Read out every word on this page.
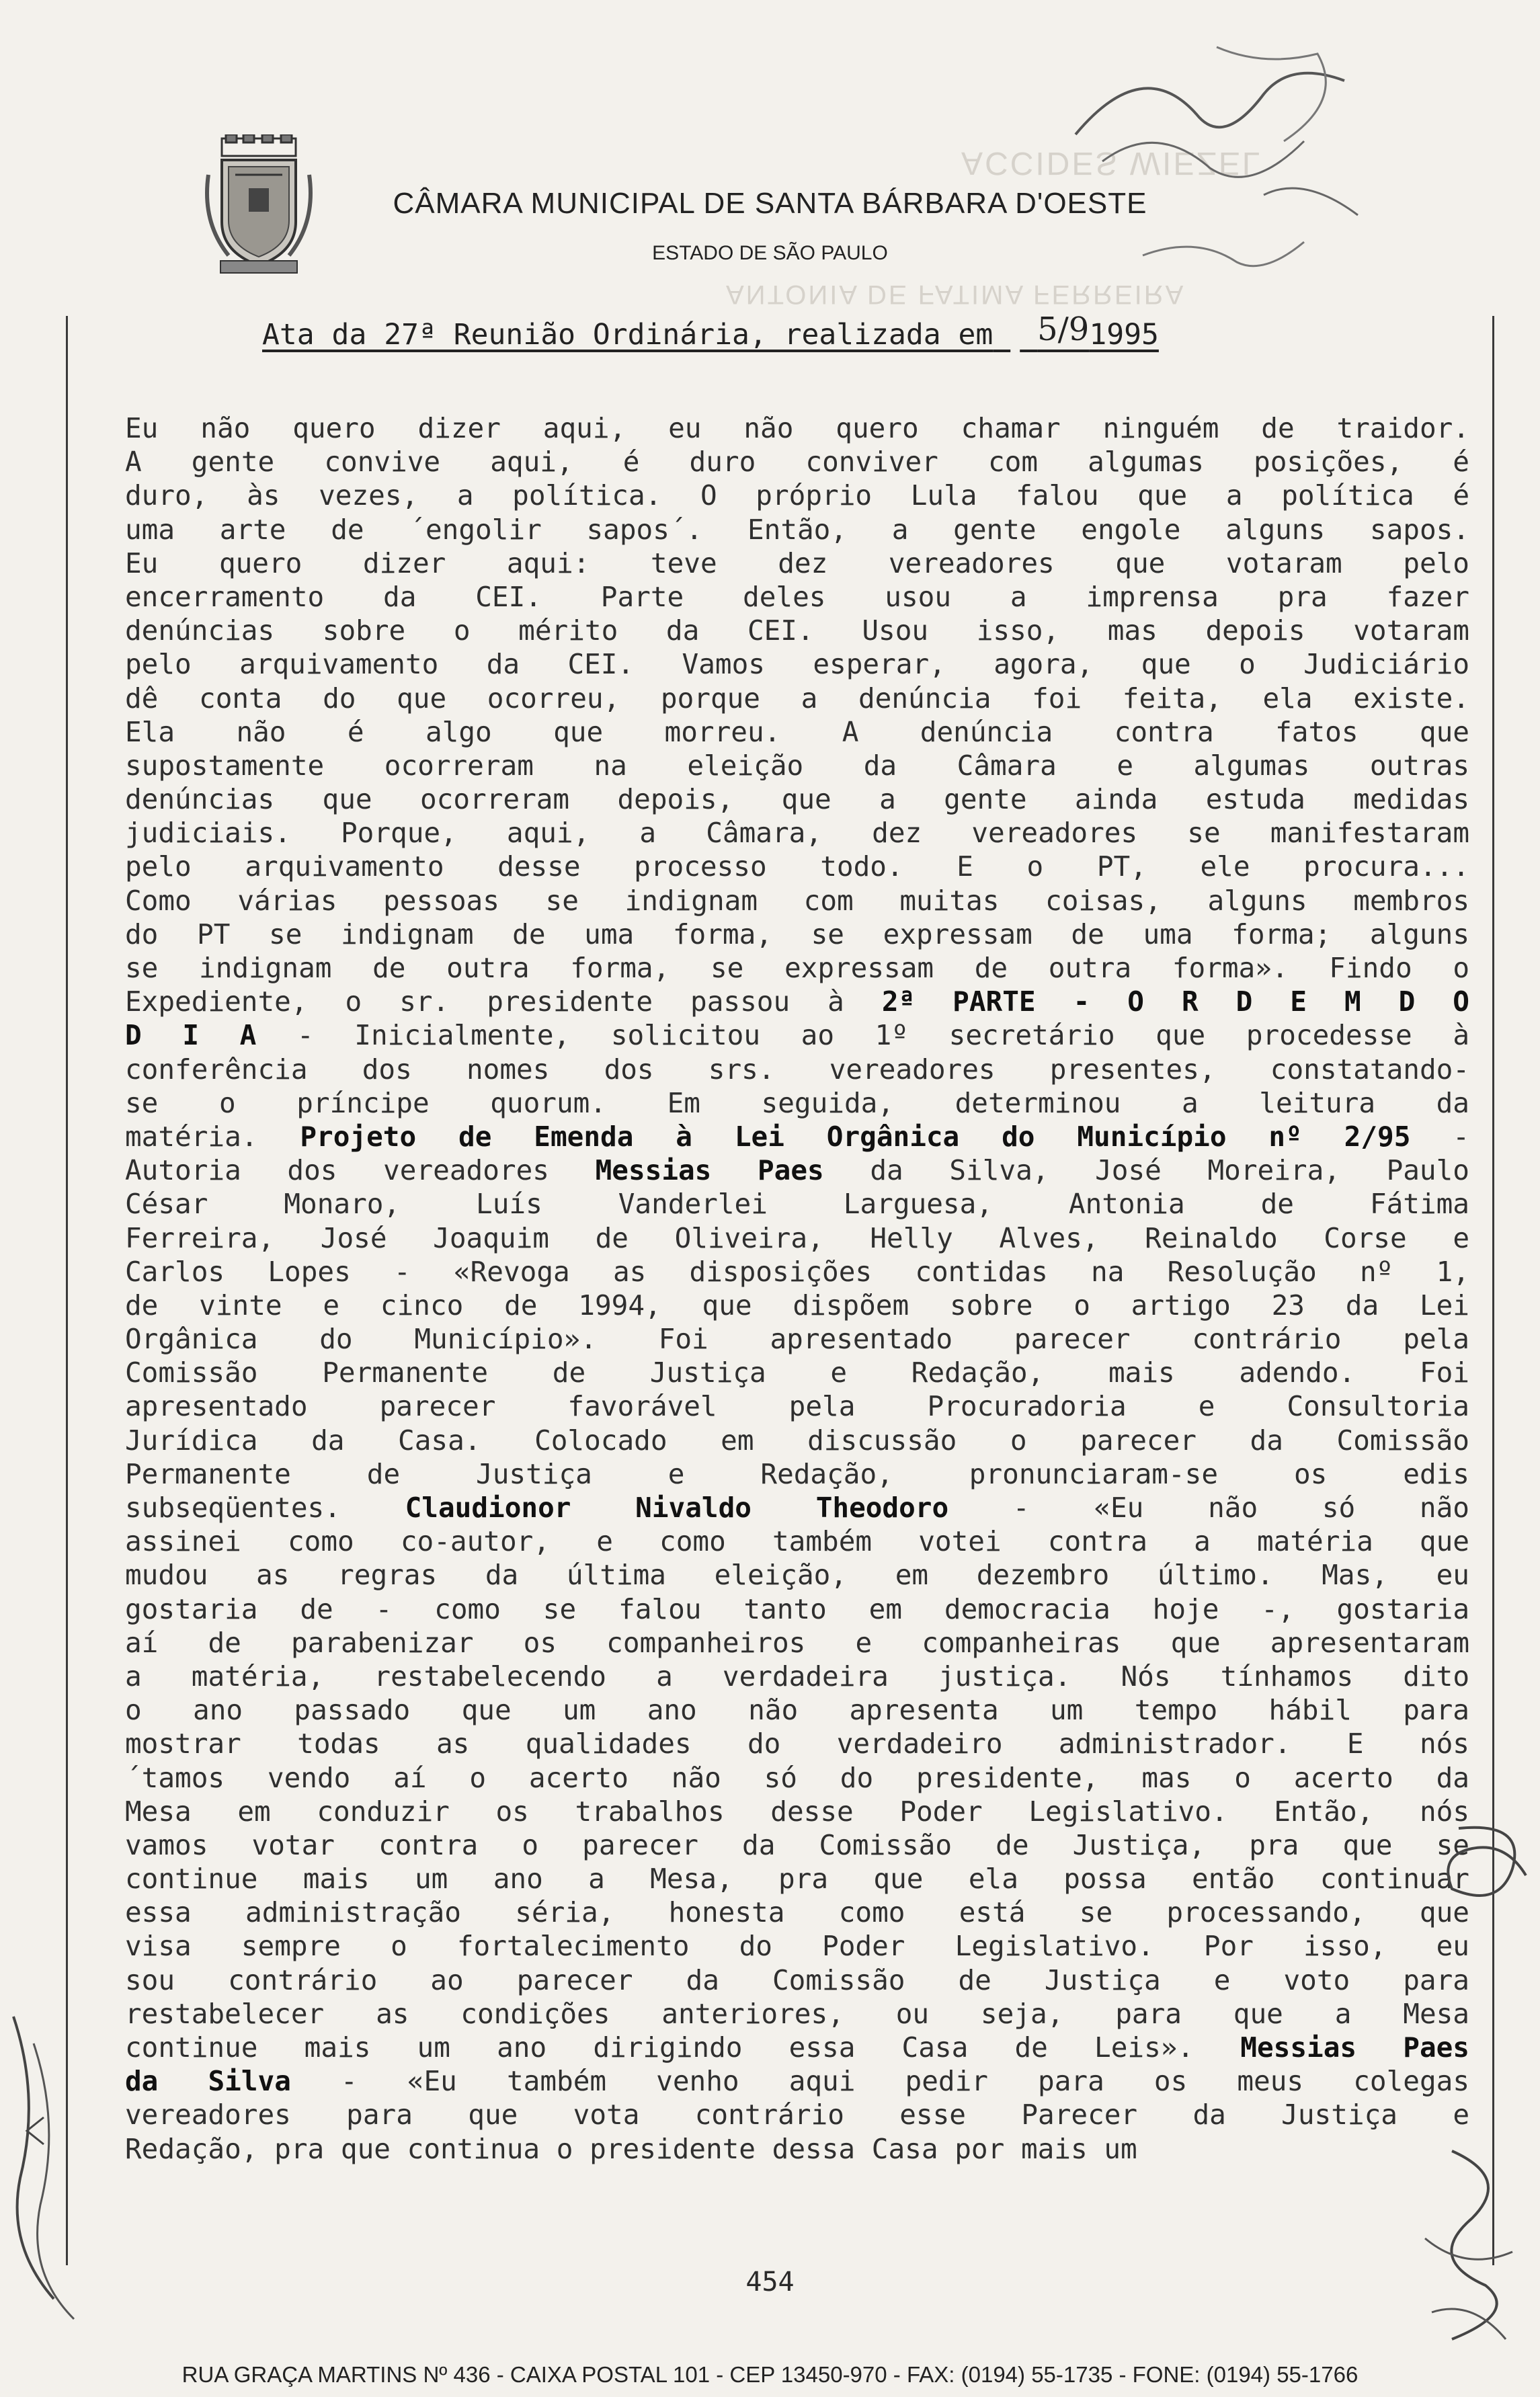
ACCIDES WIEZEL
ANTONIA DE FATIMA FERREIRA
CÂMARA MUNICIPAL DE SANTA BÁRBARA D'OESTE
ESTADO DE SÃO PAULO
Ata da 27ª Reunião Ordinária, realizada em 5/91995
Eu não quero dizer aqui, eu não quero chamar ninguém de traidor.
A gente convive aqui, é duro conviver com algumas posições, é
duro, às vezes, a política. O próprio Lula falou que a política é
uma arte de ´engolir sapos´. Então, a gente engole alguns sapos.
Eu quero dizer aqui: teve dez vereadores que votaram pelo
encerramento da CEI. Parte deles usou a imprensa pra fazer
denúncias sobre o mérito da CEI. Usou isso, mas depois votaram
pelo arquivamento da CEI. Vamos esperar, agora, que o Judiciário
dê conta do que ocorreu, porque a denúncia foi feita, ela existe.
Ela não é algo que morreu. A denúncia contra fatos que
supostamente ocorreram na eleição da Câmara e algumas outras
denúncias que ocorreram depois, que a gente ainda estuda medidas
judiciais. Porque, aqui, a Câmara, dez vereadores se manifestaram
pelo arquivamento desse processo todo. E o PT, ele procura...
Como várias pessoas se indignam com muitas coisas, alguns membros
do PT se indignam de uma forma, se expressam de uma forma; alguns
se indignam de outra forma, se expressam de outra forma». Findo o
Expediente, o sr. presidente passou à 2ª PARTE - O R D E M D O
D I A - Inicialmente, solicitou ao 1º secretário que procedesse à
conferência dos nomes dos srs. vereadores presentes, constatando-
se o príncipe quorum. Em seguida, determinou a leitura da
matéria. Projeto de Emenda à Lei Orgânica do Município nº 2/95 -
Autoria dos vereadores Messias Paes da Silva, José Moreira, Paulo
César Monaro, Luís Vanderlei Larguesa, Antonia de Fátima
Ferreira, José Joaquim de Oliveira, Helly Alves, Reinaldo Corse e
Carlos Lopes - «Revoga as disposições contidas na Resolução nº 1,
de vinte e cinco de 1994, que dispõem sobre o artigo 23 da Lei
Orgânica do Município». Foi apresentado parecer contrário pela
Comissão Permanente de Justiça e Redação, mais adendo. Foi
apresentado parecer favorável pela Procuradoria e Consultoria
Jurídica da Casa. Colocado em discussão o parecer da Comissão
Permanente de Justiça e Redação, pronunciaram-se os edis
subseqüentes. Claudionor Nivaldo Theodoro - «Eu não só não
assinei como co-autor, e como também votei contra a matéria que
mudou as regras da última eleição, em dezembro último. Mas, eu
gostaria de - como se falou tanto em democracia hoje -, gostaria
aí de parabenizar os companheiros e companheiras que apresentaram
a matéria, restabelecendo a verdadeira justiça. Nós tínhamos dito
o ano passado que um ano não apresenta um tempo hábil para
mostrar todas as qualidades do verdadeiro administrador. E nós
´tamos vendo aí o acerto não só do presidente, mas o acerto da
Mesa em conduzir os trabalhos desse Poder Legislativo. Então, nós
vamos votar contra o parecer da Comissão de Justiça, pra que se
continue mais um ano a Mesa, pra que ela possa então continuar
essa administração séria, honesta como está se processando, que
visa sempre o fortalecimento do Poder Legislativo. Por isso, eu
sou contrário ao parecer da Comissão de Justiça e voto para
restabelecer as condições anteriores, ou seja, para que a Mesa
continue mais um ano dirigindo essa Casa de Leis». Messias Paes
da Silva - «Eu também venho aqui pedir para os meus colegas
vereadores para que vota contrário esse Parecer da Justiça e
Redação, pra que continua o presidente dessa Casa por mais um
454
RUA GRAÇA MARTINS Nº 436 - CAIXA POSTAL 101 - CEP 13450-970 - FAX: (0194) 55-1735 - FONE: (0194) 55-1766
